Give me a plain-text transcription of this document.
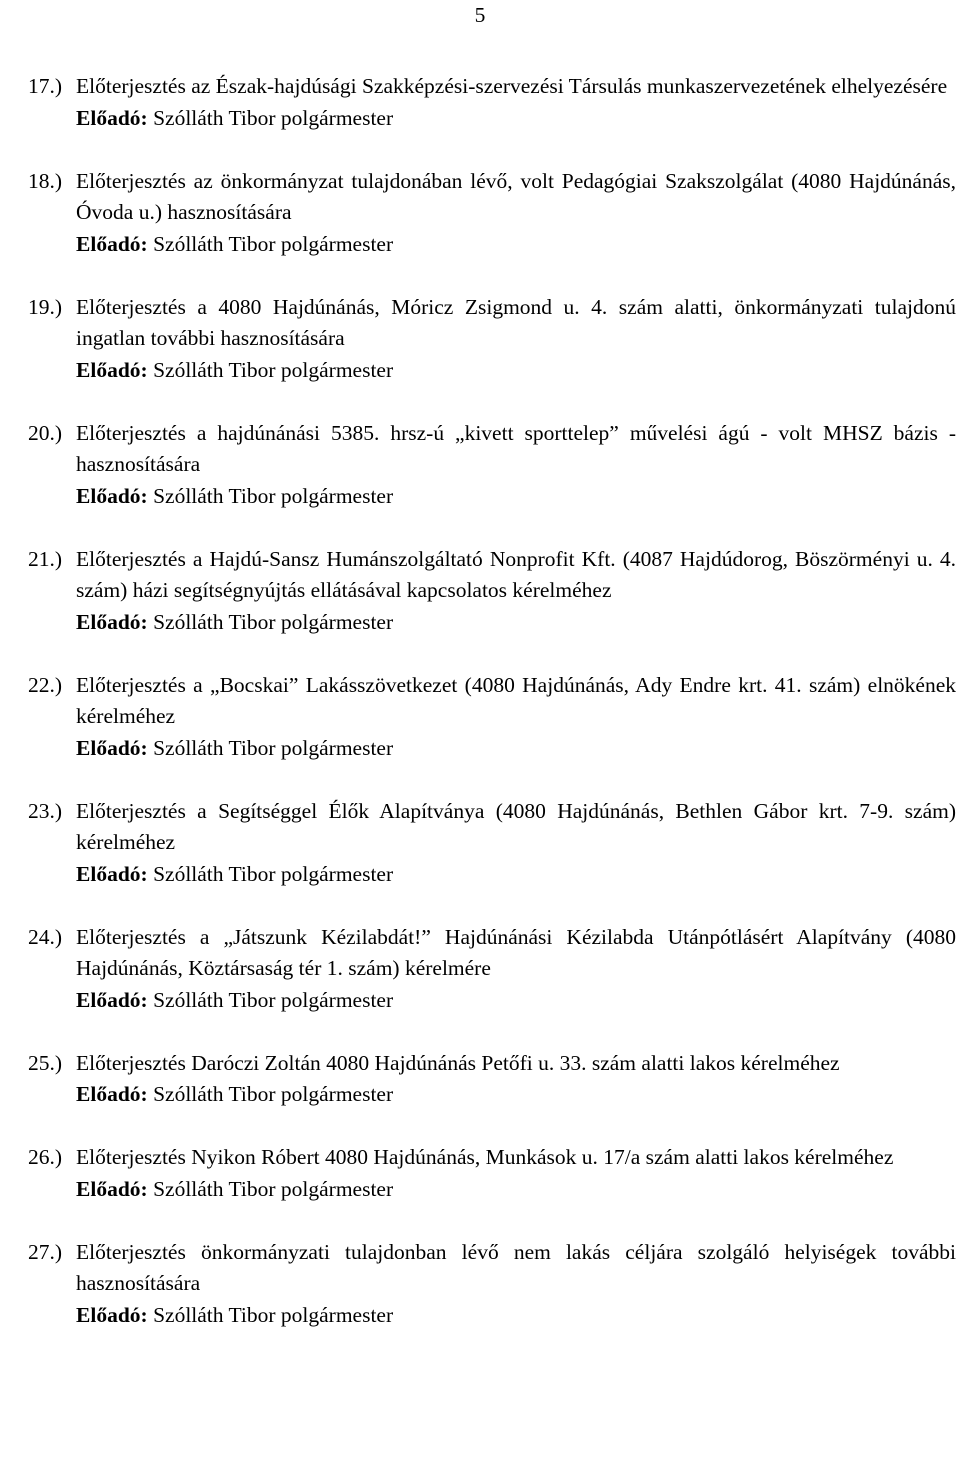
5
17.) Előterjesztés az Észak-hajdúsági Szakképzési-szervezési Társulás munkaszervezetének elhelyezésére
Előadó: Szólláth Tibor polgármester
18.) Előterjesztés az önkormányzat tulajdonában lévő, volt Pedagógiai Szakszolgálat (4080 Hajdúnánás, Óvoda u.) hasznosítására
Előadó: Szólláth Tibor polgármester
19.) Előterjesztés a 4080 Hajdúnánás, Móricz Zsigmond u. 4. szám alatti, önkormányzati tulajdonú ingatlan további hasznosítására
Előadó: Szólláth Tibor polgármester
20.) Előterjesztés a hajdúnánási 5385. hrsz-ú „kivett sporttelep” művelési ágú - volt MHSZ bázis - hasznosítására
Előadó: Szólláth Tibor polgármester
21.) Előterjesztés a Hajdú-Sansz Humánszolgáltató Nonprofit Kft. (4087 Hajdúdorog, Böszörményi u. 4. szám) házi segítségnyújtás ellátásával kapcsolatos kérelméhez
Előadó: Szólláth Tibor polgármester
22.) Előterjesztés a „Bocskai” Lakásszövetkezet (4080 Hajdúnánás, Ady Endre krt. 41. szám) elnökének kérelméhez
Előadó: Szólláth Tibor polgármester
23.) Előterjesztés a Segítséggel Élők Alapítványa (4080 Hajdúnánás, Bethlen Gábor krt. 7-9. szám) kérelméhez
Előadó: Szólláth Tibor polgármester
24.) Előterjesztés a „Játszunk Kézilabdát!” Hajdúnánási Kézilabda Utánpótlásért Alapítvány (4080 Hajdúnánás, Köztársaság tér 1. szám) kérelmére
Előadó: Szólláth Tibor polgármester
25.) Előterjesztés Daróczi Zoltán 4080 Hajdúnánás Petőfi u. 33. szám alatti lakos kérelméhez
Előadó: Szólláth Tibor polgármester
26.) Előterjesztés Nyikon Róbert 4080 Hajdúnánás, Munkások u. 17/a szám alatti lakos kérelméhez
Előadó: Szólláth Tibor polgármester
27.) Előterjesztés önkormányzati tulajdonban lévő nem lakás céljára szolgáló helyiségek további hasznosítására
Előadó: Szólláth Tibor polgármester
